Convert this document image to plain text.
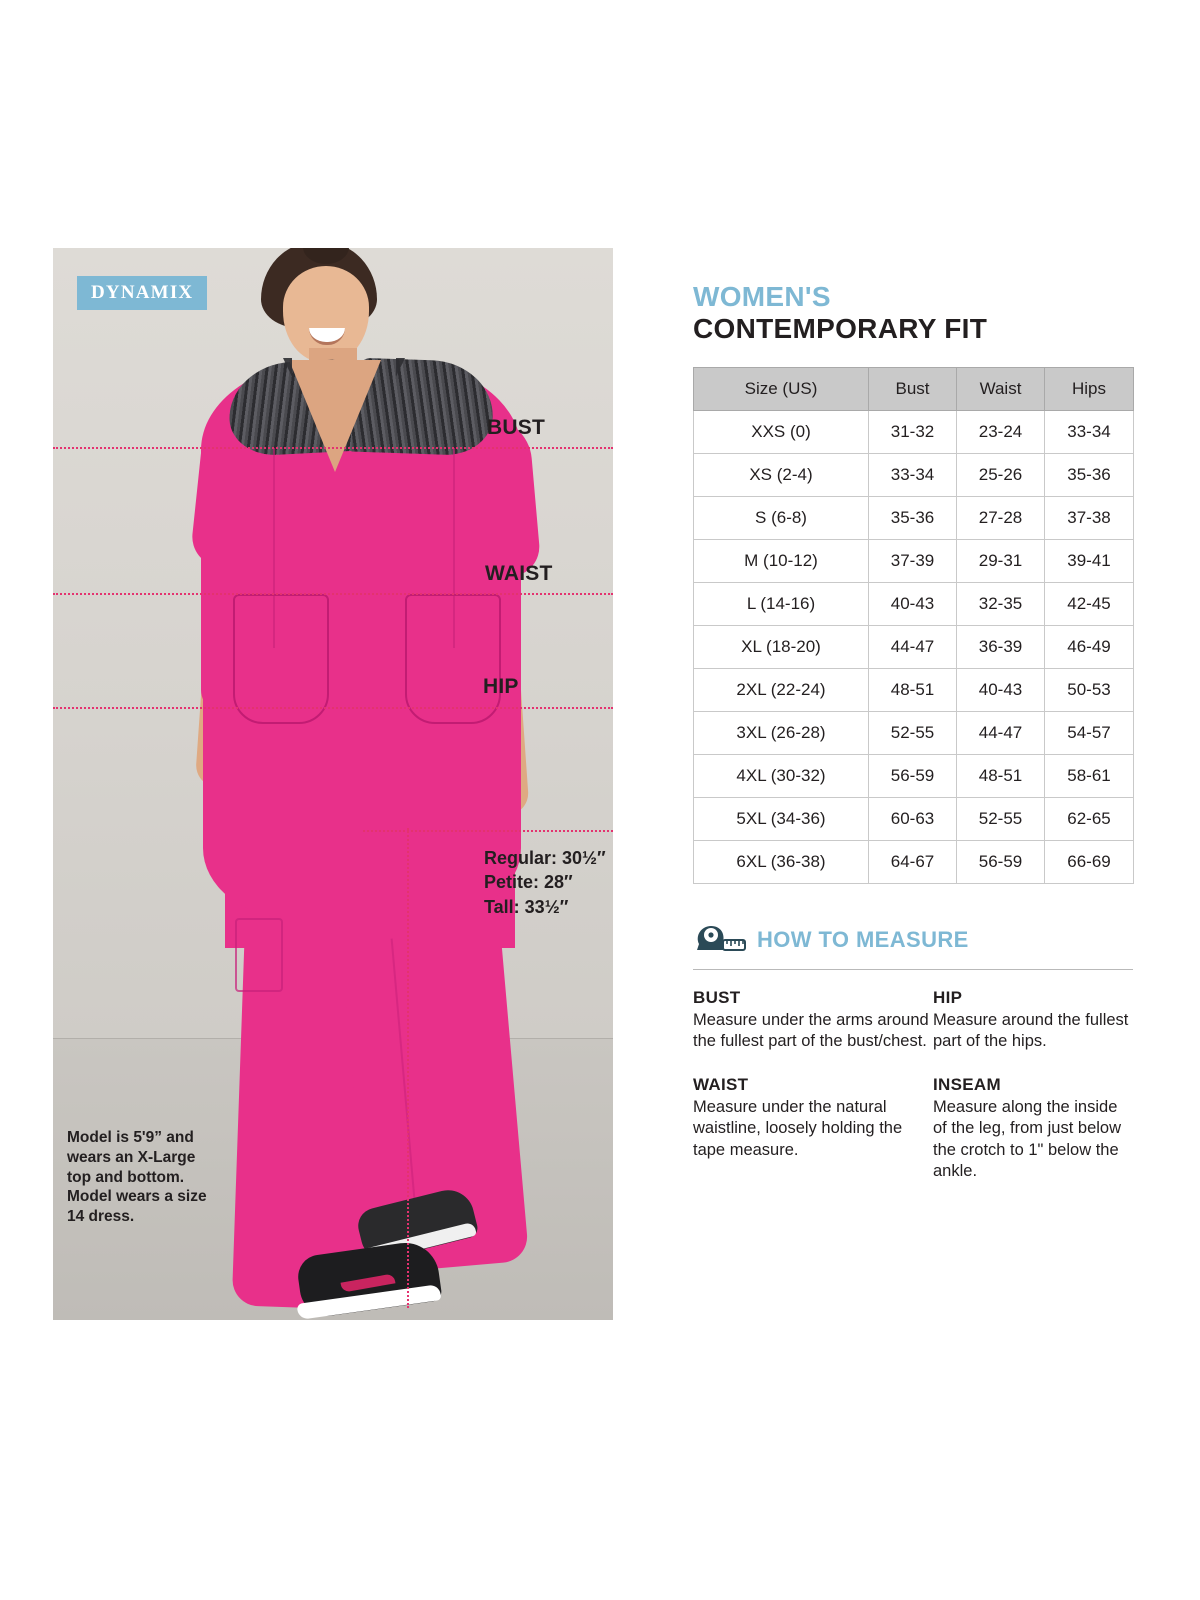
DYNAMIX
BUST
WAIST
HIP
Regular: 30½″
Petite: 28″
Tall: 33½″
Model is 5'9” and wears an X-Large top and bottom. Model wears a size 14 dress.
WOMEN'S
CONTEMPORARY FIT
Size (US)	Bust	Waist	Hips
XXS (0)	31-32	23-24	33-34
XS (2-4)	33-34	25-26	35-36
S (6-8)	35-36	27-28	37-38
M (10-12)	37-39	29-31	39-41
L (14-16)	40-43	32-35	42-45
XL (18-20)	44-47	36-39	46-49
2XL (22-24)	48-51	40-43	50-53
3XL (26-28)	52-55	44-47	54-57
4XL (30-32)	56-59	48-51	58-61
5XL (34-36)	60-63	52-55	62-65
6XL (36-38)	64-67	56-59	66-69
HOW TO MEASURE
BUST

Measure under the arms around the fullest part of the bust/chest.

HIP

Measure around the fullest part of the hips.

WAIST

Measure under the natural waistline, loosely holding the tape measure.

INSEAM

Measure along the inside of the leg, from just below the crotch to 1" below the ankle.
